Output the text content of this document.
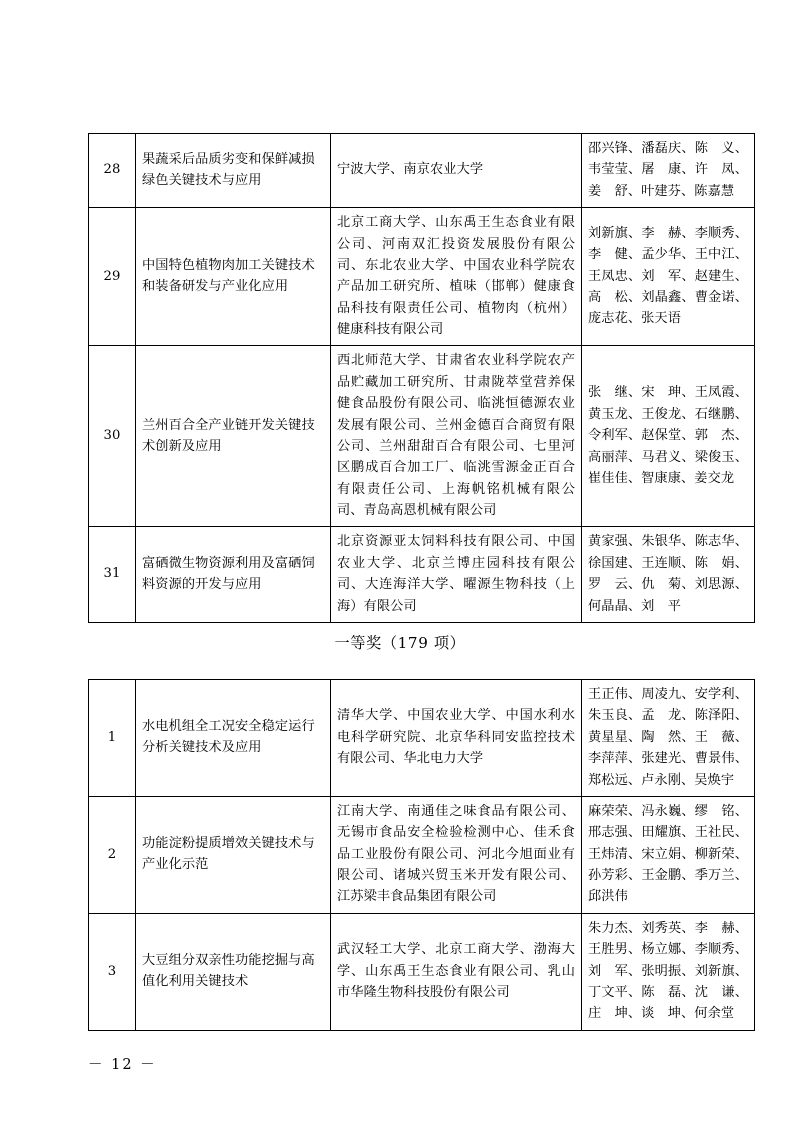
28	果蔬采后品质劣变和保鲜减损绿色关键技术与应用	宁波大学、南京农业大学	邵兴锋、潘磊庆、陈　义、韦莹莹、屠　康、许　凤、姜　舒、叶建芬、陈嘉慧

29	中国特色植物肉加工关键技术和装备研发与产业化应用	北京工商大学、山东禹王生态食业有限公司、河南双汇投资发展股份有限公司、东北农业大学、中国农业科学院农产品加工研究所、植味（邯郸）健康食品科技有限责任公司、植物肉（杭州）健康科技有限公司	刘新旗、李　赫、李顺秀、李　健、孟少华、王中江、王凤忠、刘　军、赵建生、高　松、刘晶鑫、曹金诺、庞志花、张天语

30	兰州百合全产业链开发关键技术创新及应用	西北师范大学、甘肃省农业科学院农产品贮藏加工研究所、甘肃陇萃堂营养保健食品股份有限公司、临洮恒德源农业发展有限公司、兰州金德百合商贸有限公司、兰州甜甜百合有限公司、七里河区鹏成百合加工厂、临洮雪源金正百合有限责任公司、上海帆铭机械有限公司、青岛高恩机械有限公司	张　继、宋　珅、王凤霞、黄玉龙、王俊龙、石继鹏、令利军、赵保堂、郭　杰、高丽萍、马君义、梁俊玉、崔佳佳、智康康、姜交龙

31	富硒微生物资源利用及富硒饲料资源的开发与应用	北京资源亚太饲料科技有限公司、中国农业大学、北京兰博庄园科技有限公司、大连海洋大学、曜源生物科技（上海）有限公司	黄家强、朱银华、陈志华、徐国建、王连顺、陈　娟、罗　云、仇　菊、刘思源、何晶晶、刘　平
一等奖（179 项）
1	水电机组全工况安全稳定运行分析关键技术及应用	清华大学、中国农业大学、中国水利水电科学研究院、北京华科同安监控技术有限公司、华北电力大学	王正伟、周凌九、安学利、朱玉良、孟　龙、陈泽阳、黄星星、陶　然、王　薇、李萍萍、张建光、曹景伟、郑松远、卢永刚、吴焕宇

2	功能淀粉提质增效关键技术与产业化示范	江南大学、南通佳之味食品有限公司、无锡市食品安全检验检测中心、佳禾食品工业股份有限公司、河北今旭面业有限公司、诸城兴贸玉米开发有限公司、江苏梁丰食品集团有限公司	麻荣荣、冯永巍、缪　铭、邢志强、田耀旗、王社民、王炜清、宋立娟、柳新荣、孙芳彩、王金鹏、季万兰、邱洪伟

3	大豆组分双亲性功能挖掘与高值化利用关键技术	武汉轻工大学、北京工商大学、渤海大学、山东禹王生态食业有限公司、乳山市华隆生物科技股份有限公司	朱力杰、刘秀英、李　赫、王胜男、杨立娜、李顺秀、刘　军、张明振、刘新旗、丁文平、陈　磊、沈　谦、庄　坤、谈　坤、何余堂
－ 12 －
